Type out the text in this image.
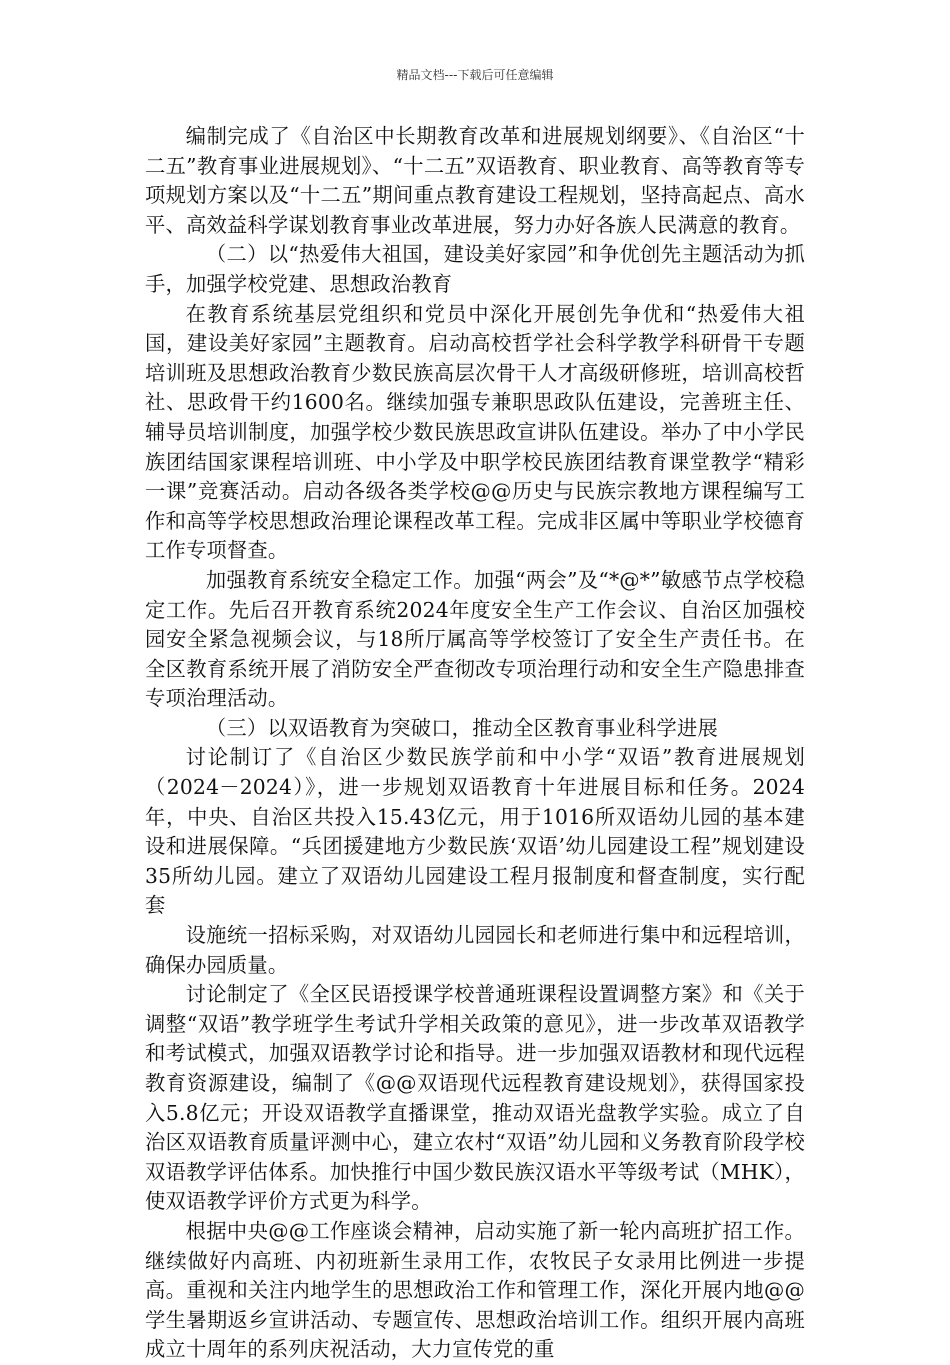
精品文档---下载后可任意编辑

编制完成了《自治区中长期教育改革和进展规划纲要》、《自治区“十二五”教育事业进展规划》、“十二五”双语教育、职业教育、高等教育等专项规划方案以及“十二五”期间重点教育建设工程规划，坚持高起点、高水平、高效益科学谋划教育事业改革进展，努力办好各族人民满意的教育。

（二）以“热爱伟大祖国，建设美好家园”和争优创先主题活动为抓手，加强学校党建、思想政治教育

在教育系统基层党组织和党员中深化开展创先争优和“热爱伟大祖国，建设美好家园”主题教育。启动高校哲学社会科学教学科研骨干专题培训班及思想政治教育少数民族高层次骨干人才高级研修班，培训高校哲社、思政骨干约1600名。继续加强专兼职思政队伍建设，完善班主任、辅导员培训制度，加强学校少数民族思政宣讲队伍建设。举办了中小学民族团结国家课程培训班、中小学及中职学校民族团结教育课堂教学“精彩一课”竞赛活动。启动各级各类学校@@历史与民族宗教地方课程编写工作和高等学校思想政治理论课程改革工程。完成非区属中等职业学校德育工作专项督查。

加强教育系统安全稳定工作。加强“两会”及“*@*”敏感节点学校稳定工作。先后召开教育系统2024年度安全生产工作会议、自治区加强校园安全紧急视频会议，与18所厅属高等学校签订了安全生产责任书。在全区教育系统开展了消防安全严查彻改专项治理行动和安全生产隐患排查专项治理活动。

（三）以双语教育为突破口，推动全区教育事业科学进展

讨论制订了《自治区少数民族学前和中小学“双语”教育进展规划（2024－2024）》，进一步规划双语教育十年进展目标和任务。2024年，中央、自治区共投入15.43亿元，用于1016所双语幼儿园的基本建设和进展保障。“兵团援建地方少数民族‘双语’幼儿园建设工程”规划建设35所幼儿园。建立了双语幼儿园建设工程月报制度和督查制度，实行配套

设施统一招标采购，对双语幼儿园园长和老师进行集中和远程培训，确保办园质量。

讨论制定了《全区民语授课学校普通班课程设置调整方案》和《关于调整“双语”教学班学生考试升学相关政策的意见》，进一步改革双语教学和考试模式，加强双语教学讨论和指导。进一步加强双语教材和现代远程教育资源建设，编制了《@@双语现代远程教育建设规划》，获得国家投入5.8亿元；开设双语教学直播课堂，推动双语光盘教学实验。成立了自治区双语教育质量评测中心，建立农村“双语”幼儿园和义务教育阶段学校双语教学评估体系。加快推行中国少数民族汉语水平等级考试（MHK），使双语教学评价方式更为科学。

根据中央@@工作座谈会精神，启动实施了新一轮内高班扩招工作。继续做好内高班、内初班新生录用工作，农牧民子女录用比例进一步提高。重视和关注内地学生的思想政治工作和管理工作，深化开展内地@@学生暑期返乡宣讲活动、专题宣传、思想政治培训工作。组织开展内高班成立十周年的系列庆祝活动，大力宣传党的重
